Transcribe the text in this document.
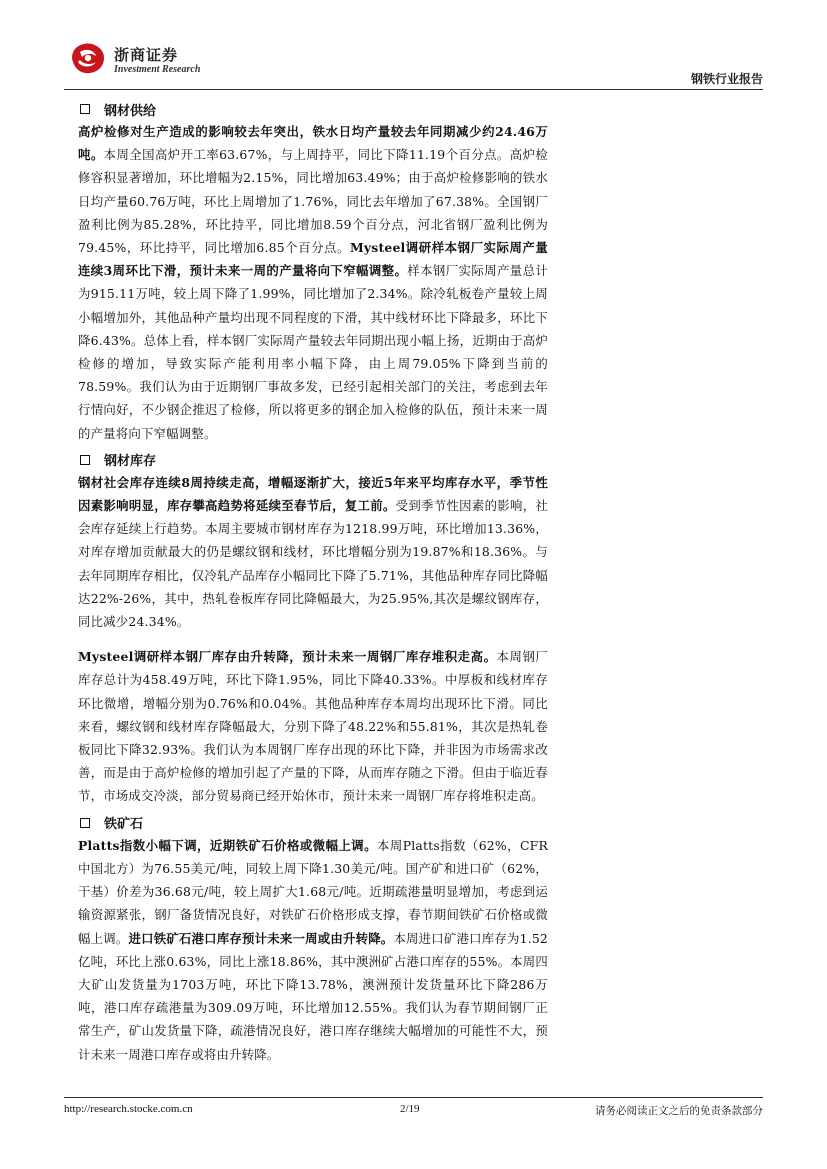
浙商证券
Investment Research
钢铁行业报告
钢材供给

高炉检修对生产造成的影响较去年突出，铁水日均产量较去年同期减少约24.46万吨。本周全国高炉开工率63.67%，与上周持平，同比下降11.19个百分点。高炉检修容积显著增加，环比增幅为2.15%，同比增加63.49%；由于高炉检修影响的铁水日均产量60.76万吨，环比上周增加了1.76%，同比去年增加了67.38%。全国钢厂盈利比例为85.28%，环比持平，同比增加8.59个百分点，河北省钢厂盈利比例为79.45%，环比持平，同比增加6.85个百分点。Mysteel调研样本钢厂实际周产量连续3周环比下滑，预计未来一周的产量将向下窄幅调整。样本钢厂实际周产量总计为915.11万吨，较上周下降了1.99%，同比增加了2.34%。除冷轧板卷产量较上周小幅增加外，其他品种产量均出现不同程度的下滑，其中线材环比下降最多，环比下降6.43%。总体上看，样本钢厂实际周产量较去年同期出现小幅上扬，近期由于高炉检修的增加，导致实际产能利用率小幅下降，由上周79.05%下降到当前的78.59%。我们认为由于近期钢厂事故多发，已经引起相关部门的关注，考虑到去年行情向好，不少钢企推迟了检修，所以将更多的钢企加入检修的队伍，预计未来一周的产量将向下窄幅调整。

钢材库存

钢材社会库存连续8周持续走高，增幅逐渐扩大，接近5年来平均库存水平，季节性因素影响明显，库存攀高趋势将延续至春节后，复工前。受到季节性因素的影响，社会库存延续上行趋势。本周主要城市钢材库存为1218.99万吨，环比增加13.36%，对库存增加贡献最大的仍是螺纹钢和线材，环比增幅分别为19.87%和18.36%。与去年同期库存相比，仅冷轧产品库存小幅同比下降了5.71%，其他品种库存同比降幅达22%-26%，其中，热轧卷板库存同比降幅最大，为25.95%,其次是螺纹钢库存，同比减少24.34%。

Mysteel调研样本钢厂库存由升转降，预计未来一周钢厂库存堆积走高。本周钢厂库存总计为458.49万吨，环比下降1.95%，同比下降40.33%。中厚板和线材库存环比微增，增幅分别为0.76%和0.04%。其他品种库存本周均出现环比下滑。同比来看，螺纹钢和线材库存降幅最大，分别下降了48.22%和55.81%，其次是热轧卷板同比下降32.93%。我们认为本周钢厂库存出现的环比下降，并非因为市场需求改善，而是由于高炉检修的增加引起了产量的下降，从而库存随之下滑。但由于临近春节，市场成交冷淡，部分贸易商已经开始休市，预计未来一周钢厂库存将堆积走高。

铁矿石

Platts指数小幅下调，近期铁矿石价格或微幅上调。本周Platts指数（62%，CFR中国北方）为76.55美元/吨，同较上周下降1.30美元/吨。国产矿和进口矿（62%，干基）价差为36.68元/吨，较上周扩大1.68元/吨。近期疏港量明显增加，考虑到运输资源紧张，钢厂备货情况良好，对铁矿石价格形成支撑，春节期间铁矿石价格或微幅上调。进口铁矿石港口库存预计未来一周或由升转降。本周进口矿港口库存为1.52亿吨，环比上涨0.63%，同比上涨18.86%，其中澳洲矿占港口库存的55%。本周四大矿山发货量为1703万吨，环比下降13.78%，澳洲预计发货量环比下降286万吨，港口库存疏港量为309.09万吨，环比增加12.55%。我们认为春节期间钢厂正常生产，矿山发货量下降，疏港情况良好，港口库存继续大幅增加的可能性不大，预计未来一周港口库存或将由升转降。

http://research.stocke.com.cn	2/19	请务必阅读正文之后的免责条款部分
